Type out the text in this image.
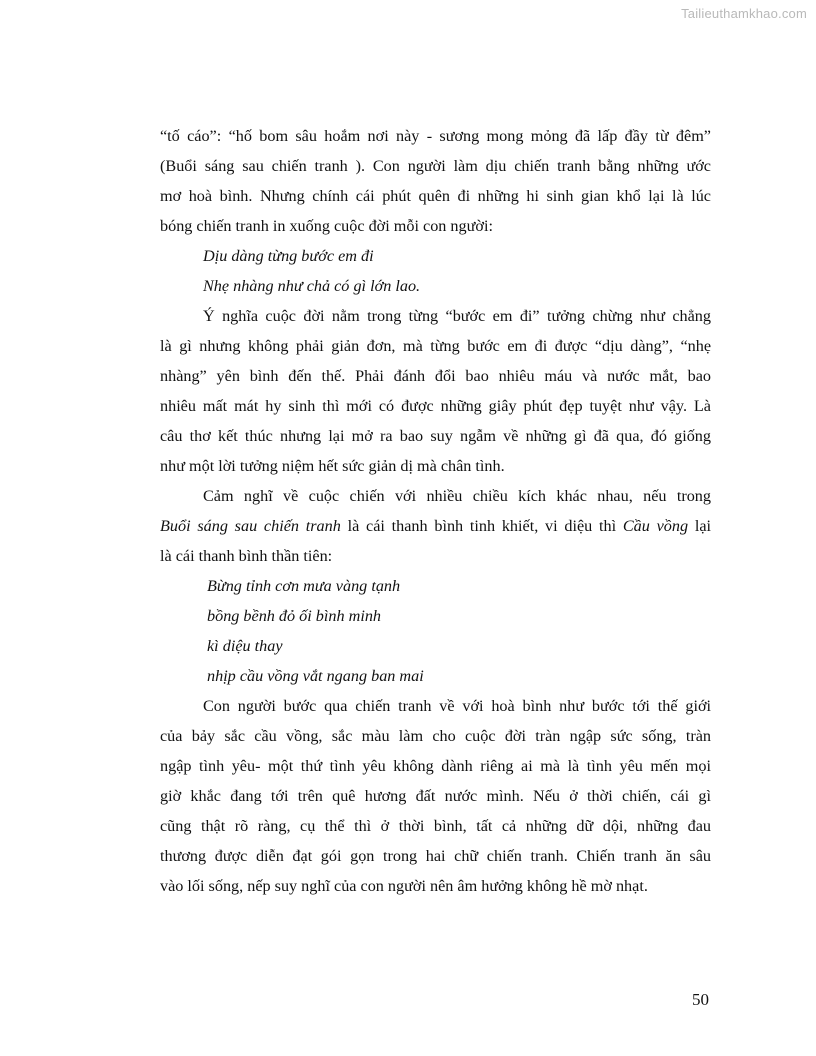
Tailieuthamkhao.com
“tố cáo”: “hố bom sâu hoắm nơi này - sương mong mỏng đã lấp đầy từ đêm”
(Buổi sáng sau chiến tranh ). Con người làm dịu chiến tranh bằng những ước
mơ hoà bình. Nhưng chính cái phút quên đi những hi sinh gian khổ lại là lúc
bóng chiến tranh in xuống cuộc đời mỗi con người:
Dịu dàng từng bước em đi
Nhẹ nhàng như chả có gì lớn lao.
Ý nghĩa cuộc đời nằm trong từng “bước em đi” tưởng chừng như chẳng
là gì nhưng không phải giản đơn, mà từng bước em đi được “dịu dàng”, “nhẹ
nhàng” yên bình đến thế. Phải đánh đổi bao nhiêu máu và nước mắt, bao
nhiêu mất mát hy sinh thì mới có được những giây phút đẹp tuyệt như vậy. Là
câu thơ kết thúc nhưng lại mở ra bao suy ngẫm về những gì đã qua, đó giống
như một lời tưởng niệm hết sức giản dị mà chân tình.
Cảm nghĩ về cuộc chiến với nhiều chiều kích khác nhau, nếu trong
Buổi sáng sau chiến tranh là cái thanh bình tinh khiết, vi diệu thì Cầu vồng lại
là cái thanh bình thần tiên:
Bừng tỉnh cơn mưa vàng tạnh
bồng bềnh đỏ ối bình minh
kì diệu thay
nhịp cầu vồng vắt ngang ban mai
Con người bước qua chiến tranh về với hoà bình như bước tới thế giới
của bảy sắc cầu vồng, sắc màu làm cho cuộc đời tràn ngập sức sống, tràn
ngập tình yêu- một thứ tình yêu không dành riêng ai mà là tình yêu mến mọi
giờ khắc đang tới trên quê hương đất nước mình. Nếu ở thời chiến, cái gì
cũng thật rõ ràng, cụ thể thì ở thời bình, tất cả những dữ dội, những đau
thương được diễn đạt gói gọn trong hai chữ chiến tranh. Chiến tranh ăn sâu
vào lối sống, nếp suy nghĩ của con người nên âm hưởng không hề mờ nhạt.
50
